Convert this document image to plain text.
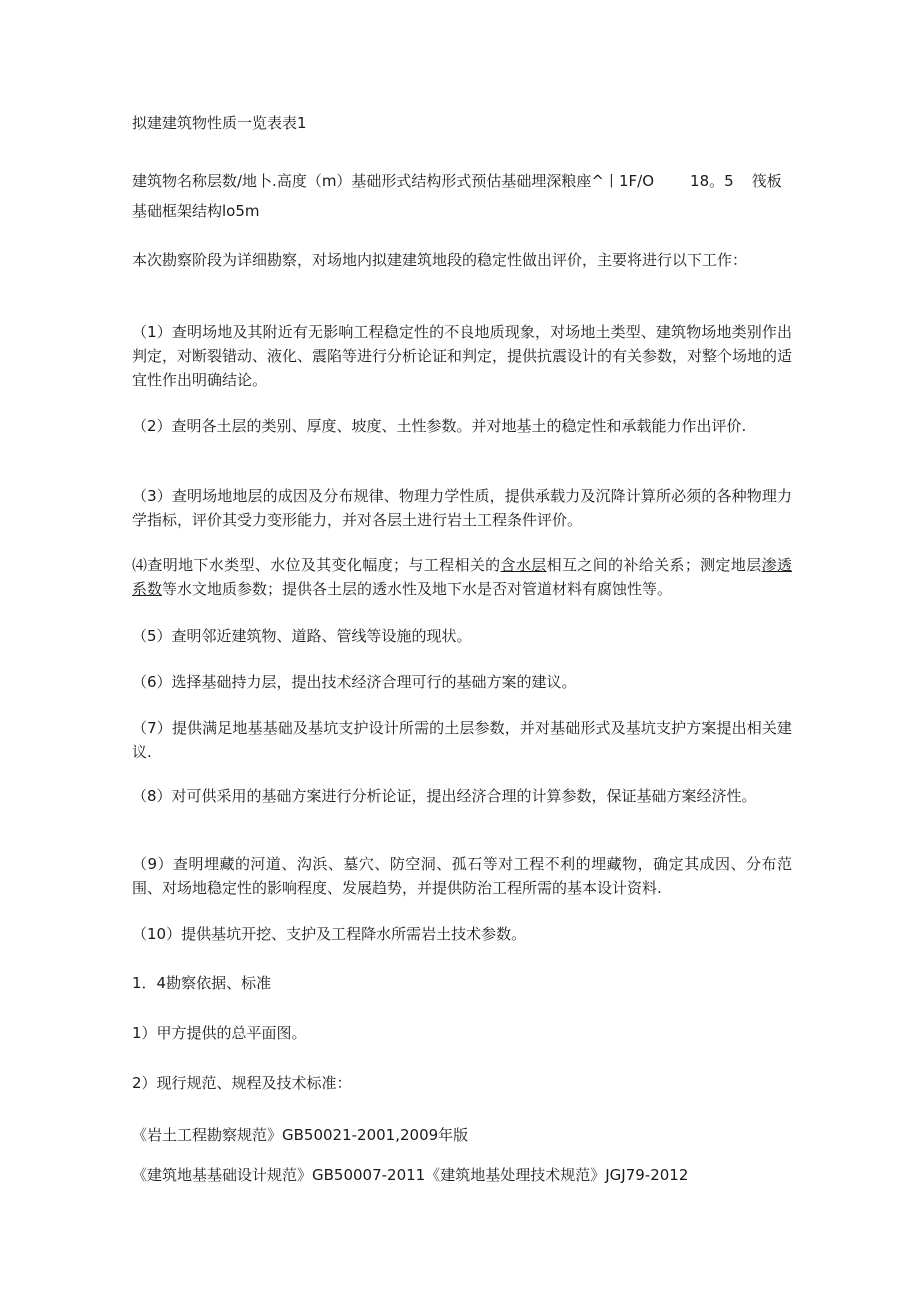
拟建建筑物性质一览表表1
建筑物名称层数/地卜.高度（m）基础形式结构形式预估基础埋深粮座^丨1F/O 18。5 筏板
基础框架结构lo5m
本次勘察阶段为详细勘察，对场地内拟建建筑地段的稳定性做出评价，主要将进行以下工作：
（1）查明场地及其附近有无影响工程稳定性的不良地质现象，对场地土类型、建筑物场地类别作出判定，对断裂错动、液化、震陷等进行分析论证和判定，提供抗震设计的有关参数，对整个场地的适宜性作出明确结论。
（2）查明各土层的类别、厚度、坡度、土性参数。并对地基土的稳定性和承载能力作出评价.
（3）查明场地地层的成因及分布规律、物理力学性质，提供承载力及沉降计算所必须的各种物理力学指标，评价其受力变形能力，并对各层土进行岩土工程条件评价。
⑷查明地下水类型、水位及其变化幅度；与工程相关的含水层相互之间的补给关系；测定地层渗透系数等水文地质参数；提供各土层的透水性及地下水是否对管道材料有腐蚀性等。
（5）查明邻近建筑物、道路、管线等设施的现状。
（6）选择基础持力层，提出技术经济合理可行的基础方案的建议。
（7）提供满足地基基础及基坑支护设计所需的土层参数，并对基础形式及基坑支护方案提出相关建议.
（8）对可供采用的基础方案进行分析论证，提出经济合理的计算参数，保证基础方案经济性。
（9）查明埋藏的河道、沟浜、墓穴、防空洞、孤石等对工程不利的埋藏物，确定其成因、分布范围、对场地稳定性的影响程度、发展趋势，并提供防治工程所需的基本设计资料.
（10）提供基坑开挖、支护及工程降水所需岩土技术参数。
1．4勘察依据、标准
1）甲方提供的总平面图。
2）现行规范、规程及技术标准：
《岩土工程勘察规范》GB50021-2001,2009年版
《建筑地基基础设计规范》GB50007-2011《建筑地基处理技术规范》JGJ79-2012
